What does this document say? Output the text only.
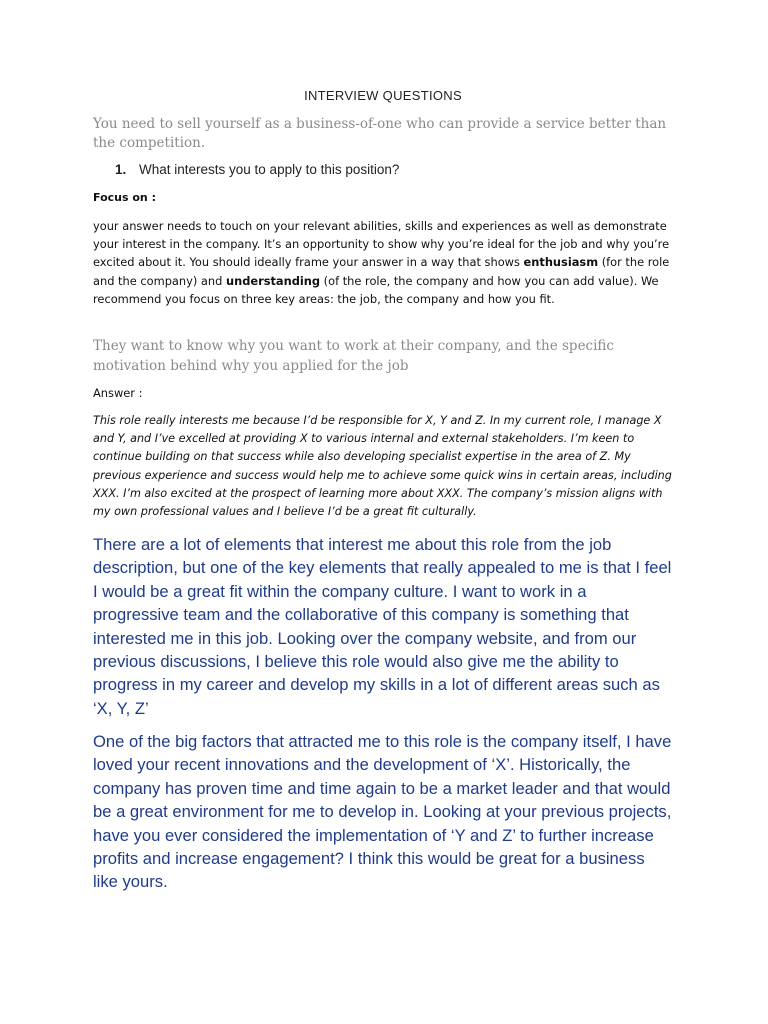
INTERVIEW QUESTIONS
You need to sell yourself as a business-of-one who can provide a service better than the competition.
1. What interests you to apply to this position?
Focus on :
your answer needs to touch on your relevant abilities, skills and experiences as well as demonstrate your interest in the company. It’s an opportunity to show why you’re ideal for the job and why you’re excited about it. You should ideally frame your answer in a way that shows enthusiasm (for the role and the company) and understanding (of the role, the company and how you can add value). We recommend you focus on three key areas: the job, the company and how you fit.
They want to know why you want to work at their company, and the specific motivation behind why you applied for the job
Answer :
This role really interests me because I’d be responsible for X, Y and Z. In my current role, I manage X and Y, and I’ve excelled at providing X to various internal and external stakeholders. I’m keen to continue building on that success while also developing specialist expertise in the area of Z. My previous experience and success would help me to achieve some quick wins in certain areas, including XXX. I’m also excited at the prospect of learning more about XXX. The company’s mission aligns with my own professional values and I believe I’d be a great fit culturally.
There are a lot of elements that interest me about this role from the job description, but one of the key elements that really appealed to me is that I feel I would be a great fit within the company culture. I want to work in a progressive team and the collaborative of this company is something that interested me in this job. Looking over the company website, and from our previous discussions, I believe this role would also give me the ability to progress in my career and develop my skills in a lot of different areas such as ‘X, Y, Z’
One of the big factors that attracted me to this role is the company itself, I have loved your recent innovations and the development of ‘X’. Historically, the company has proven time and time again to be a market leader and that would be a great environment for me to develop in. Looking at your previous projects, have you ever considered the implementation of ‘Y and Z’ to further increase profits and increase engagement? I think this would be great for a business like yours.
